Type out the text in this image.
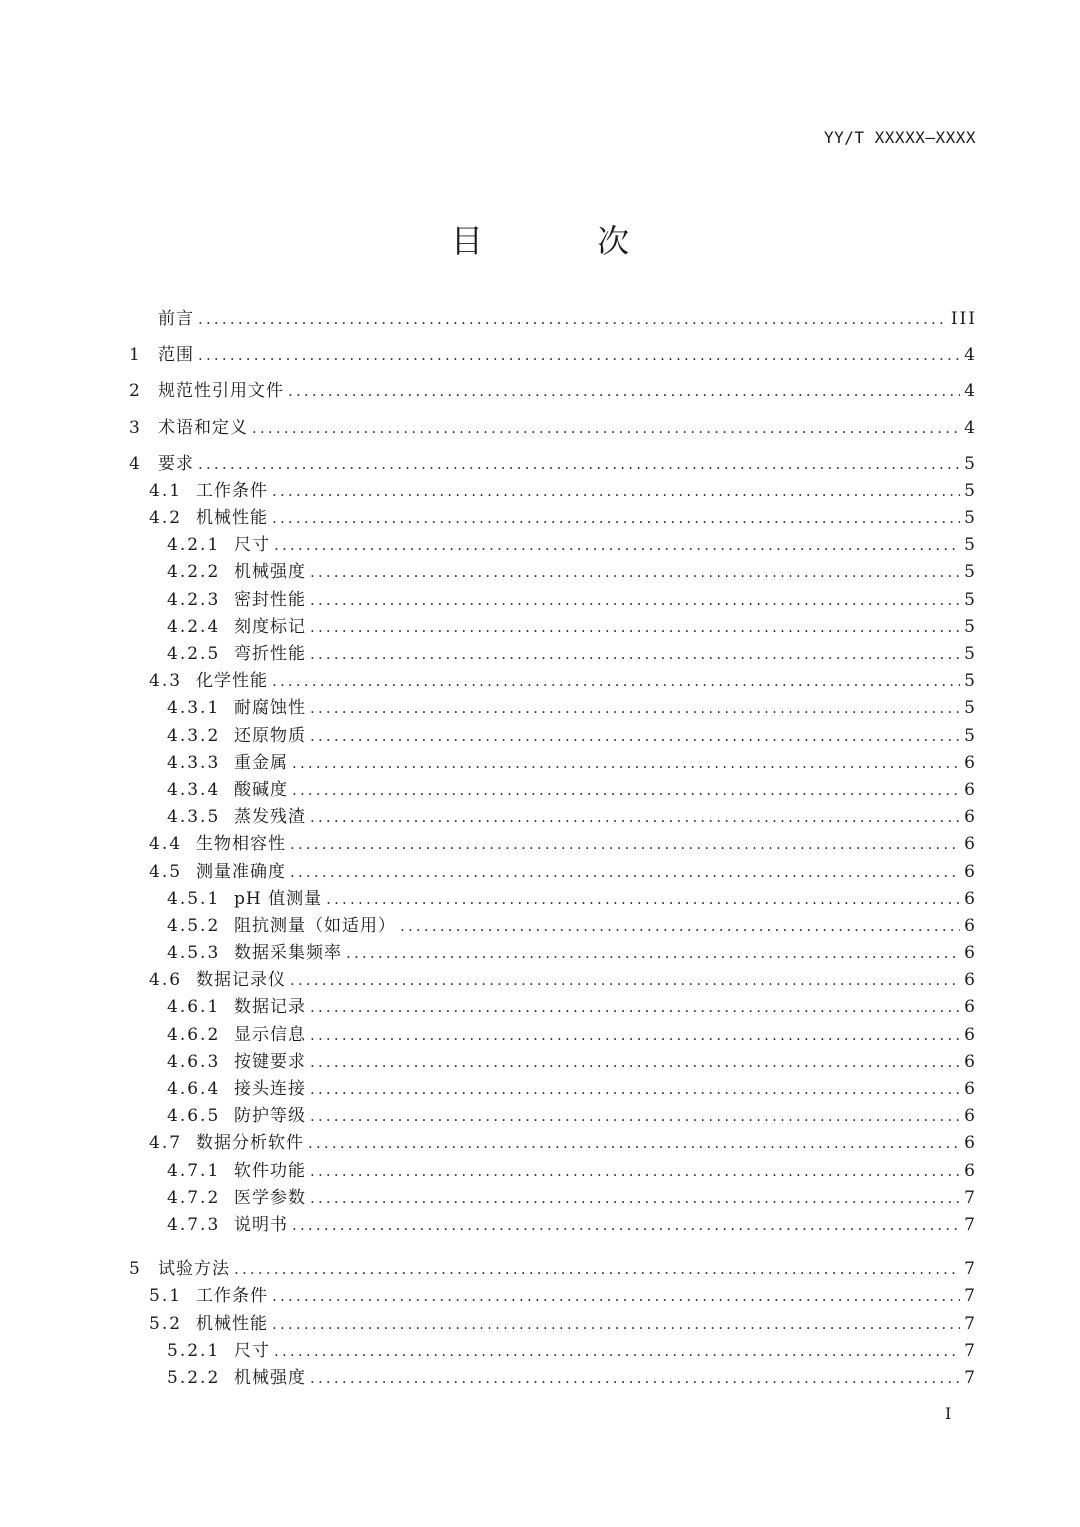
YY/T XXXXX—XXXX
目 次
前言 .....	III
1 范围 .....	4
2 规范性引用文件 .....	4
3 术语和定义 .....	4
4 要求 .....	5
4.1 工作条件 .....	5
4.2 机械性能 .....	5
4.2.1 尺寸 .....	5
4.2.2 机械强度 .....	5
4.2.3 密封性能 .....	5
4.2.4 刻度标记 .....	5
4.2.5 弯折性能 .....	5
4.3 化学性能 .....	5
4.3.1 耐腐蚀性 .....	5
4.3.2 还原物质 .....	5
4.3.3 重金属 .....	6
4.3.4 酸碱度 .....	6
4.3.5 蒸发残渣 .....	6
4.4 生物相容性 .....	6
4.5 测量准确度 .....	6
4.5.1 pH 值测量 .....	6
4.5.2 阻抗测量（如适用） .....	6
4.5.3 数据采集频率 .....	6
4.6 数据记录仪 .....	6
4.6.1 数据记录 .....	6
4.6.2 显示信息 .....	6
4.6.3 按键要求 .....	6
4.6.4 接头连接 .....	6
4.6.5 防护等级 .....	6
4.7 数据分析软件 .....	6
4.7.1 软件功能 .....	6
4.7.2 医学参数 .....	7
4.7.3 说明书 .....	7
5 试验方法 .....	7
5.1 工作条件 .....	7
5.2 机械性能 .....	7
5.2.1 尺寸 .....	7
5.2.2 机械强度 .....	7
I
